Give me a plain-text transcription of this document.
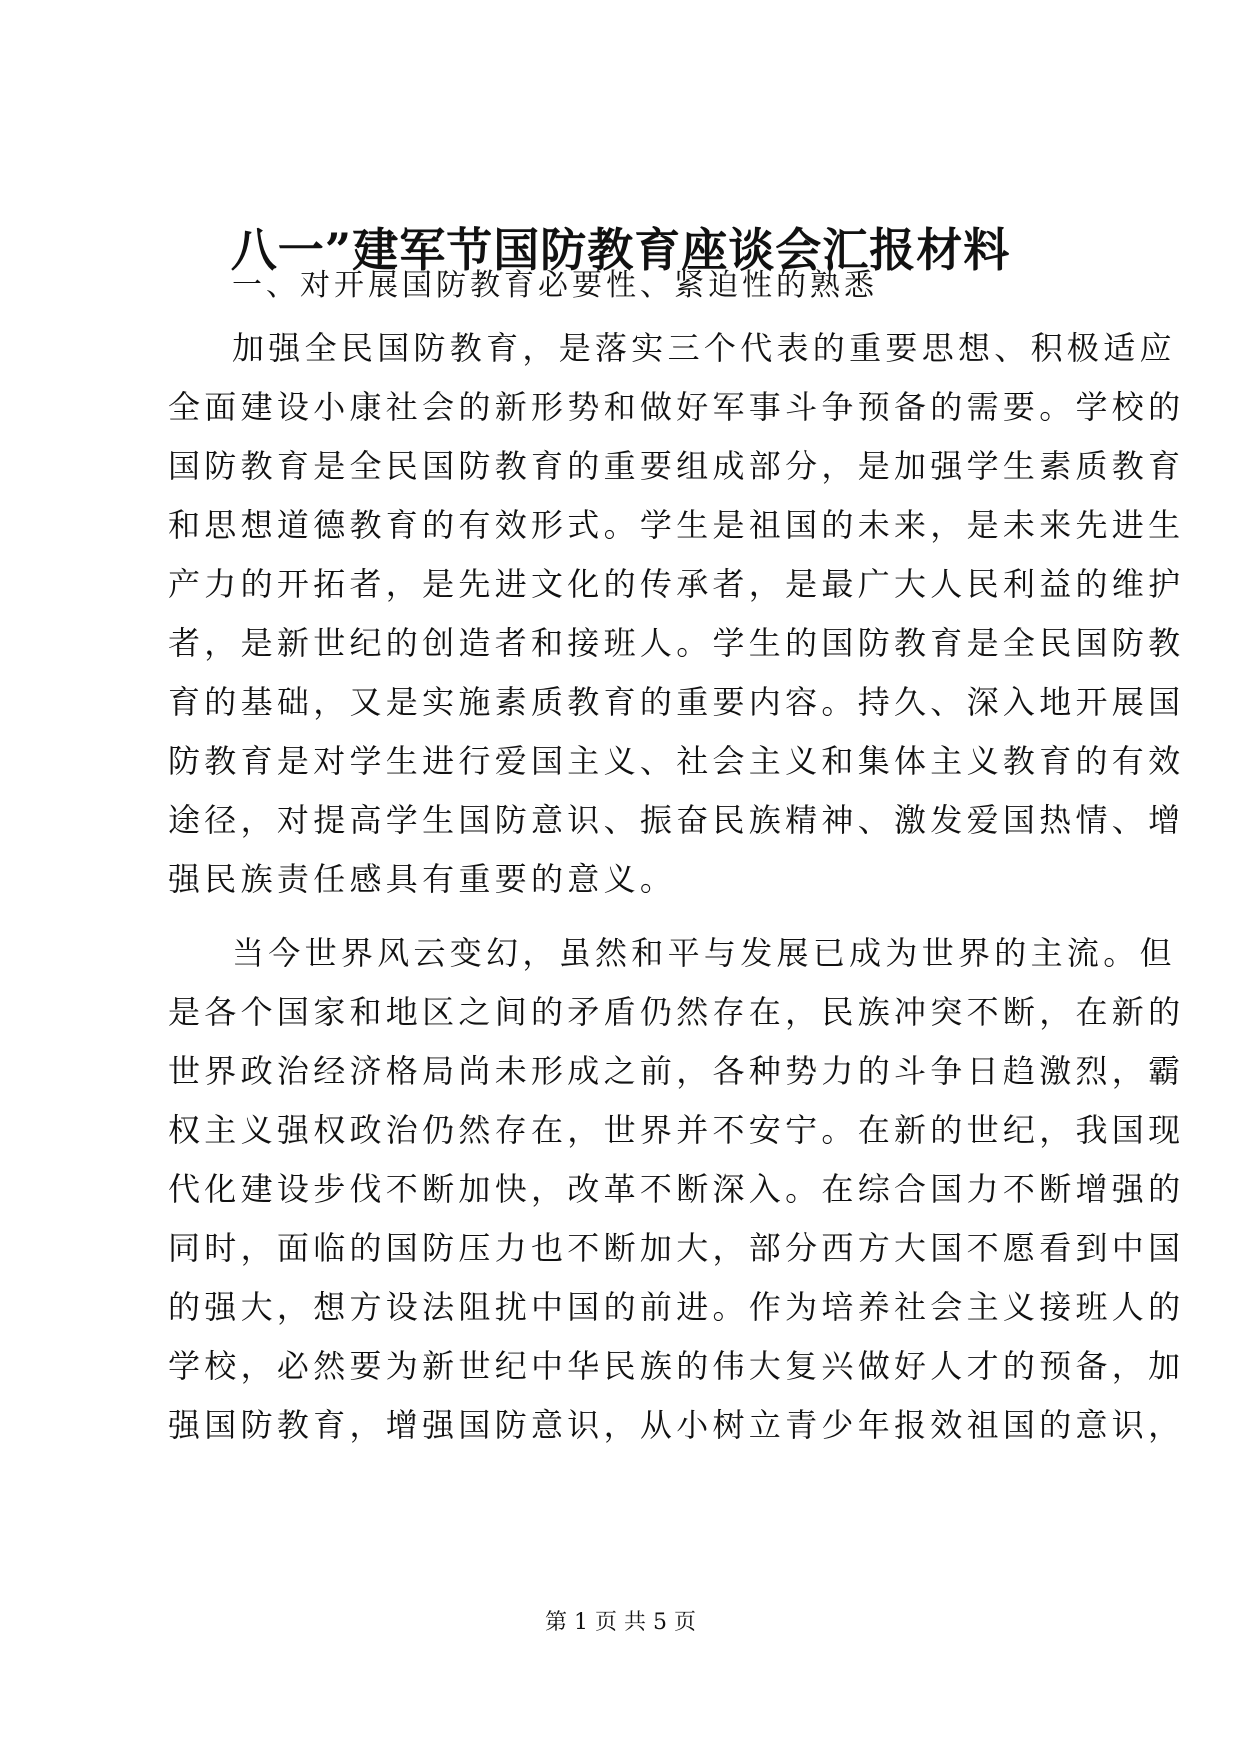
八一”建军节国防教育座谈会汇报材料

一、对开展国防教育必要性、紧迫性的熟悉

加强全民国防教育，是落实三个代表的重要思想、积极适应

全面建设小康社会的新形势和做好军事斗争预备的需要。学校的

国防教育是全民国防教育的重要组成部分，是加强学生素质教育

和思想道德教育的有效形式。学生是祖国的未来，是未来先进生

产力的开拓者，是先进文化的传承者，是最广大人民利益的维护

者，是新世纪的创造者和接班人。学生的国防教育是全民国防教

育的基础，又是实施素质教育的重要内容。持久、深入地开展国

防教育是对学生进行爱国主义、社会主义和集体主义教育的有效

途径，对提高学生国防意识、振奋民族精神、激发爱国热情、增

强民族责任感具有重要的意义。

当今世界风云变幻，虽然和平与发展已成为世界的主流。但

是各个国家和地区之间的矛盾仍然存在，民族冲突不断，在新的

世界政治经济格局尚未形成之前，各种势力的斗争日趋激烈，霸

权主义强权政治仍然存在，世界并不安宁。在新的世纪，我国现

代化建设步伐不断加快，改革不断深入。在综合国力不断增强的

同时，面临的国防压力也不断加大，部分西方大国不愿看到中国

的强大，想方设法阻扰中国的前进。作为培养社会主义接班人的

学校，必然要为新世纪中华民族的伟大复兴做好人才的预备，加

强国防教育，增强国防意识，从小树立青少年报效祖国的意识，

第 1 页 共 5 页
